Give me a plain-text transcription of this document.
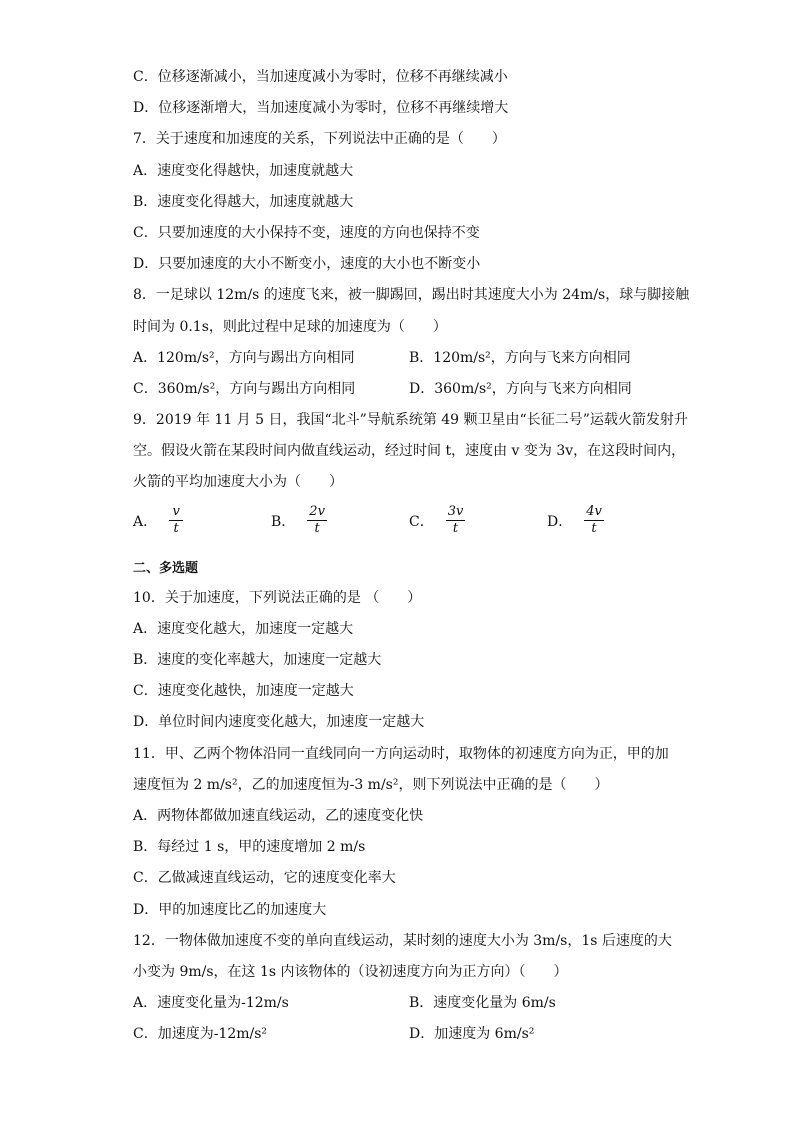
C．位移逐渐减小，当加速度减小为零时，位移不再继续减小
D．位移逐渐增大，当加速度减小为零时，位移不再继续增大
7．关于速度和加速度的关系，下列说法中正确的是（　　）
A．速度变化得越快，加速度就越大
B．速度变化得越大，加速度就越大
C．只要加速度的大小保持不变，速度的方向也保持不变
D．只要加速度的大小不断变小，速度的大小也不断变小
8．一足球以 12m/s 的速度飞来，被一脚踢回，踢出时其速度大小为 24m/s，球与脚接触
时间为 0.1s，则此过程中足球的加速度为（　　）
A．120m/s²，方向与踢出方向相同	B．120m/s²，方向与飞来方向相同
C．360m/s²，方向与踢出方向相同	D．360m/s²，方向与飞来方向相同
9．2019 年 11 月 5 日，我国“北斗”导航系统第 49 颗卫星由“长征二号”运载火箭发射升
空。假设火箭在某段时间内做直线运动，经过时间 t，速度由 v 变为 3v，在这段时间内，
火箭的平均加速度大小为（　　）
A． $\frac{v}{t}$	B． $\frac{2v}{t}$	C． $\frac{3v}{t}$	D． $\frac{4v}{t}$
二、多选题
10．关于加速度，下列说法正确的是 （　　）
A．速度变化越大，加速度一定越大
B．速度的变化率越大，加速度一定越大
C．速度变化越快，加速度一定越大
D．单位时间内速度变化越大，加速度一定越大
11．甲、乙两个物体沿同一直线同向一方向运动时，取物体的初速度方向为正，甲的加
速度恒为 2 m/s²，乙的加速度恒为-3 m/s²，则下列说法中正确的是（　　）
A．两物体都做加速直线运动，乙的速度变化快
B．每经过 1 s，甲的速度增加 2 m/s
C．乙做减速直线运动，它的速度变化率大
D．甲的加速度比乙的加速度大
12．一物体做加速度不变的单向直线运动，某时刻的速度大小为 3m/s，1s 后速度的大
小变为 9m/s，在这 1s 内该物体的（设初速度方向为正方向）（　　）
A．速度变化量为-12m/s	B．速度变化量为 6m/s
C．加速度为-12m/s²	D．加速度为 6m/s²
